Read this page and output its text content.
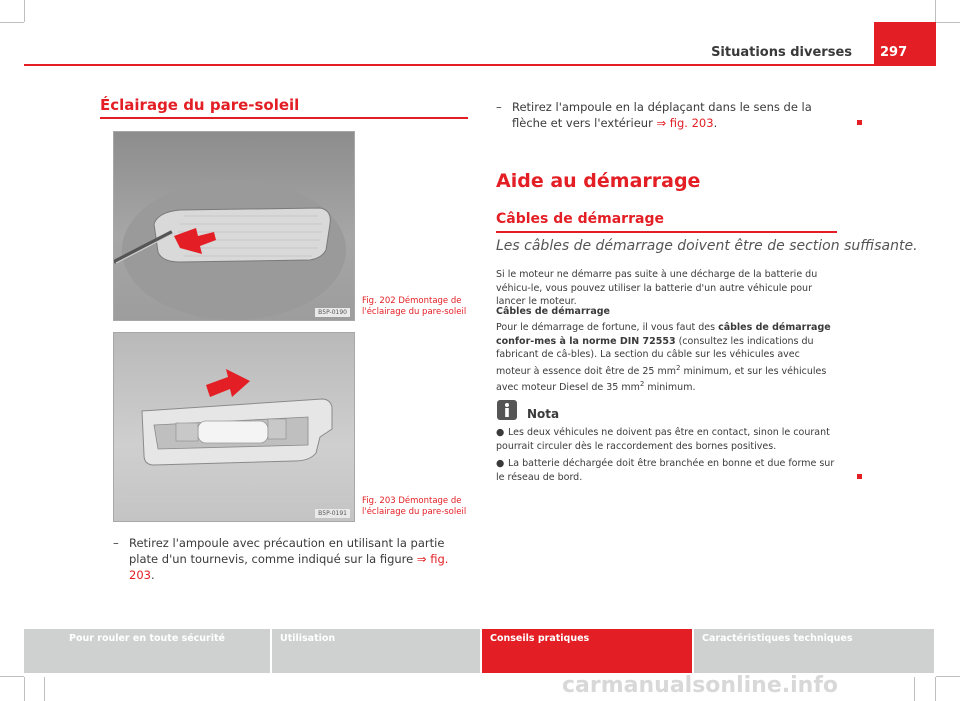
Situations diverses 297
Éclairage du pare-soleil
B5P-0190
Fig. 202 Démontage de l'éclairage du pare-soleil
B5P-0191
Fig. 203 Démontage de l'éclairage du pare-soleil
– Retirez l'ampoule avec précaution en utilisant la partie plate d'un tournevis, comme indiqué sur la figure ⇒ fig. 203.
– Retirez l'ampoule en la déplaçant dans le sens de la flèche et vers l'extérieur ⇒ fig. 203.
Aide au démarrage
Câbles de démarrage
Les câbles de démarrage doivent être de section suffisante.
Si le moteur ne démarre pas suite à une décharge de la batterie du véhicu-le, vous pouvez utiliser la batterie d'un autre véhicule pour lancer le moteur.
Câbles de démarrage
Pour le démarrage de fortune, il vous faut des câbles de démarrage confor-mes à la norme DIN 72553 (consultez les indications du fabricant de câ-bles). La section du câble sur les véhicules avec moteur à essence doit être de 25 $mm^2$ minimum, et sur les véhicules avec moteur Diesel de 35 $mm^2$ minimum.
Nota
● Les deux véhicules ne doivent pas être en contact, sinon le courant pourrait circuler dès le raccordement des bornes positives.
● La batterie déchargée doit être branchée en bonne et due forme sur le réseau de bord.
Pour rouler en toute sécurité	Utilisation	Conseils pratiques	Caractéristiques techniques
carmanualsonline.info
